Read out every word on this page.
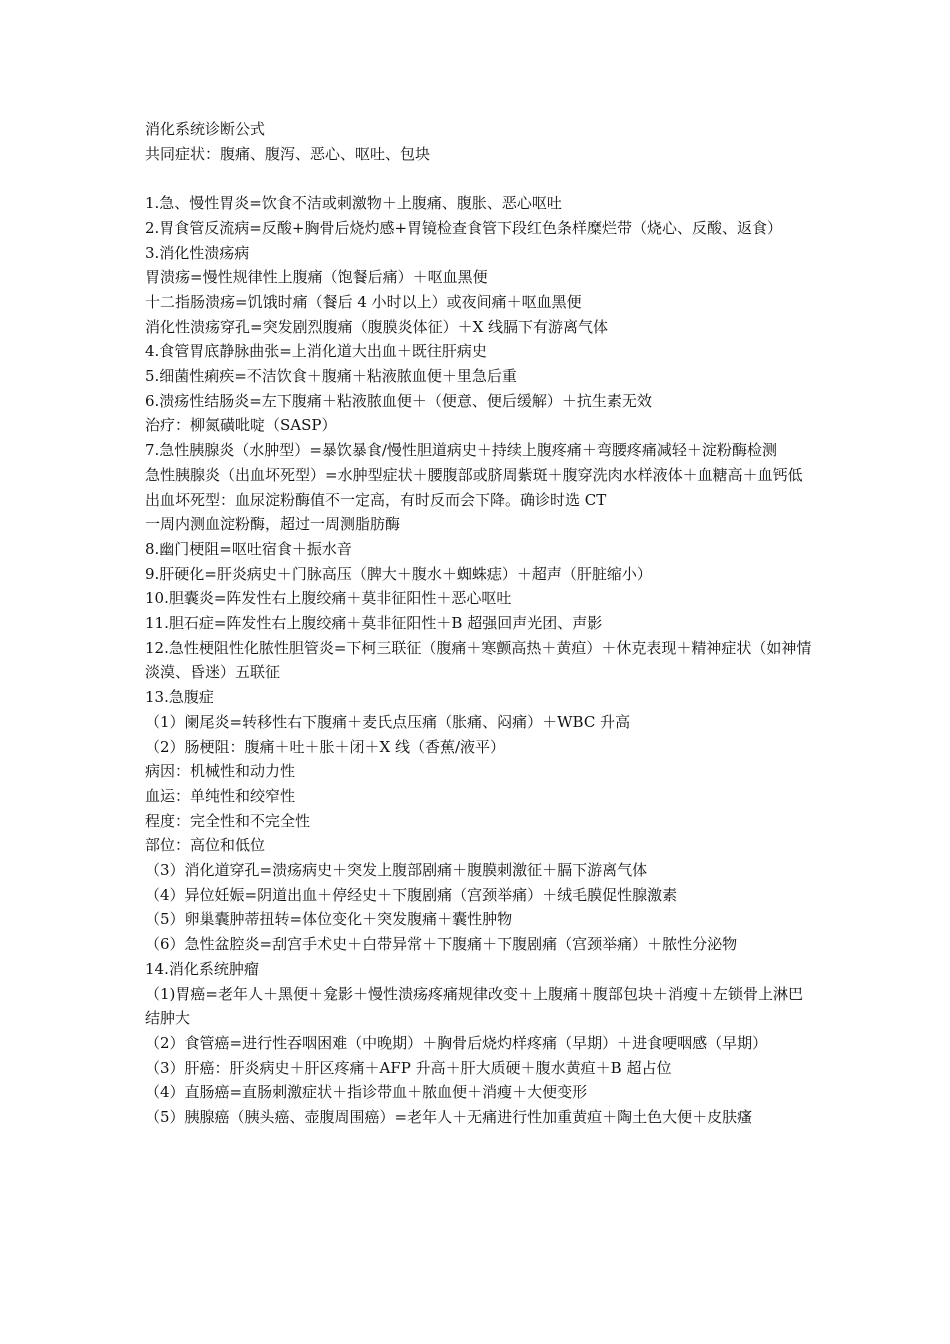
消化系统诊断公式
共同症状：腹痛、腹泻、恶心、呕吐、包块
1.急、慢性胃炎=饮食不洁或刺激物＋上腹痛、腹胀、恶心呕吐
2.胃食管反流病=反酸+胸骨后烧灼感+胃镜检查食管下段红色条样糜烂带（烧心、反酸、返食）
3.消化性溃疡病
胃溃疡=慢性规律性上腹痛（饱餐后痛）＋呕血黑便
十二指肠溃疡=饥饿时痛（餐后 4 小时以上）或夜间痛＋呕血黑便
消化性溃疡穿孔=突发剧烈腹痛（腹膜炎体征）＋X 线膈下有游离气体
4.食管胃底静脉曲张=上消化道大出血＋既往肝病史
5.细菌性痢疾=不洁饮食＋腹痛＋粘液脓血便＋里急后重
6.溃疡性结肠炎=左下腹痛＋粘液脓血便＋（便意、便后缓解）＋抗生素无效
治疗：柳氮磺吡啶（SASP）
7.急性胰腺炎（水肿型）=暴饮暴食/慢性胆道病史＋持续上腹疼痛＋弯腰疼痛减轻＋淀粉酶检测
急性胰腺炎（出血坏死型）=水肿型症状＋腰腹部或脐周紫斑＋腹穿洗肉水样液体＋血糖高＋血钙低
出血坏死型：血尿淀粉酶值不一定高，有时反而会下降。确诊时选 CT
一周内测血淀粉酶，超过一周测脂肪酶
8.幽门梗阻=呕吐宿食＋振水音
9.肝硬化=肝炎病史＋门脉高压（脾大＋腹水＋蜘蛛痣）＋超声（肝脏缩小）
10.胆囊炎=阵发性右上腹绞痛＋莫非征阳性＋恶心呕吐
11.胆石症=阵发性右上腹绞痛＋莫非征阳性＋B 超强回声光团、声影
12.急性梗阻性化脓性胆管炎=下柯三联征（腹痛＋寒颤高热＋黄疸）＋休克表现＋精神症状（如神情淡漠、昏迷）五联征
13.急腹症
（1）阑尾炎=转移性右下腹痛＋麦氏点压痛（胀痛、闷痛）＋WBC 升高
（2）肠梗阻：腹痛＋吐＋胀＋闭＋X 线（香蕉/液平）
病因：机械性和动力性
血运：单纯性和绞窄性
程度：完全性和不完全性
部位：高位和低位
（3）消化道穿孔=溃疡病史＋突发上腹部剧痛＋腹膜刺激征＋膈下游离气体
（4）异位妊娠=阴道出血＋停经史＋下腹剧痛（宫颈举痛）＋绒毛膜促性腺激素
（5）卵巢囊肿蒂扭转=体位变化＋突发腹痛＋囊性肿物
（6）急性盆腔炎=刮宫手术史＋白带异常＋下腹痛＋下腹剧痛（宫颈举痛）＋脓性分泌物
14.消化系统肿瘤
（1)胃癌=老年人＋黑便＋龛影＋慢性溃疡疼痛规律改变＋上腹痛＋腹部包块＋消瘦＋左锁骨上淋巴结肿大
（2）食管癌=进行性吞咽困难（中晚期）＋胸骨后烧灼样疼痛（早期）＋进食哽咽感（早期）
（3）肝癌：肝炎病史＋肝区疼痛＋AFP 升高＋肝大质硬＋腹水黄疸＋B 超占位
（4）直肠癌=直肠刺激症状＋指诊带血＋脓血便＋消瘦＋大便变形
（5）胰腺癌（胰头癌、壶腹周围癌）=老年人＋无痛进行性加重黄疸＋陶土色大便＋皮肤瘙
